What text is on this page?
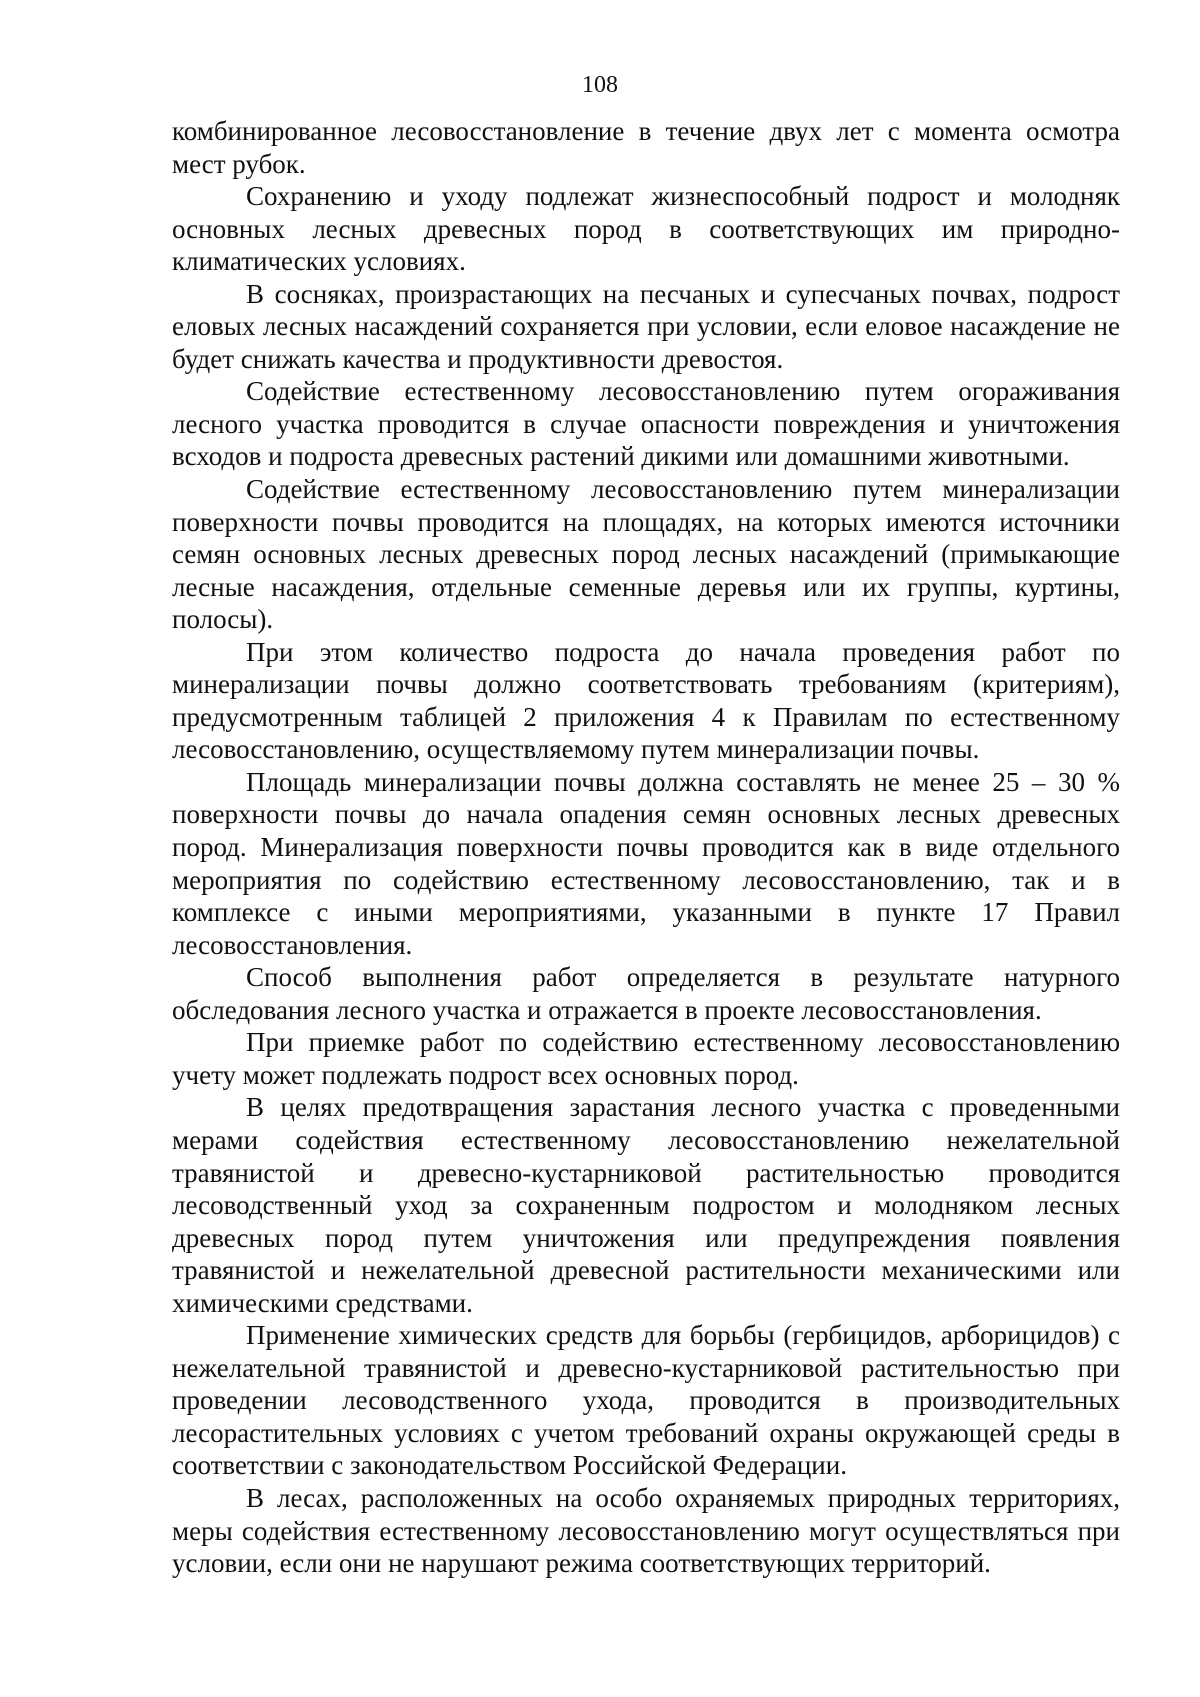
108

комбинированное лесовосстановление в течение двух лет с момента осмотра мест рубок.

Сохранению и уходу подлежат жизнеспособный подрост и молодняк основных лесных древесных пород в соответствующих им природно-климатических условиях.

В сосняках, произрастающих на песчаных и супесчаных почвах, подрост еловых лесных насаждений сохраняется при условии, если еловое насаждение не будет снижать качества и продуктивности древостоя.

Содействие естественному лесовосстановлению путем огораживания лесного участка проводится в случае опасности повреждения и уничтожения всходов и подроста древесных растений дикими или домашними животными.

Содействие естественному лесовосстановлению путем минерализации поверхности почвы проводится на площадях, на которых имеются источники семян основных лесных древесных пород лесных насаждений (примыкающие лесные насаждения, отдельные семенные деревья или их группы, куртины, полосы).

При этом количество подроста до начала проведения работ по минерализации почвы должно соответствовать требованиям (критериям), предусмотренным таблицей 2 приложения 4 к Правилам по естественному лесовосстановлению, осуществляемому путем минерализации почвы.

Площадь минерализации почвы должна составлять не менее 25 – 30 % поверхности почвы до начала опадения семян основных лесных древесных пород. Минерализация поверхности почвы проводится как в виде отдельного мероприятия по содействию естественному лесовосстановлению, так и в комплексе с иными мероприятиями, указанными в пункте 17 Правил лесовосстановления.

Способ выполнения работ определяется в результате натурного обследования лесного участка и отражается в проекте лесовосстановления.

При приемке работ по содействию естественному лесовосстановлению учету может подлежать подрост всех основных пород.

В целях предотвращения зарастания лесного участка с проведенными мерами содействия естественному лесовосстановлению нежелательной травянистой и древесно-кустарниковой растительностью проводится лесоводственный уход за сохраненным подростом и молодняком лесных древесных пород путем уничтожения или предупреждения появления травянистой и нежелательной древесной растительности механическими или химическими средствами.

Применение химических средств для борьбы (гербицидов, арборицидов) с нежелательной травянистой и древесно-кустарниковой растительностью при проведении лесоводственного ухода, проводится в производительных лесорастительных условиях с учетом требований охраны окружающей среды в соответствии с законодательством Российской Федерации.

В лесах, расположенных на особо охраняемых природных территориях, меры содействия естественному лесовосстановлению могут осуществляться при условии, если они не нарушают режима соответствующих территорий.
